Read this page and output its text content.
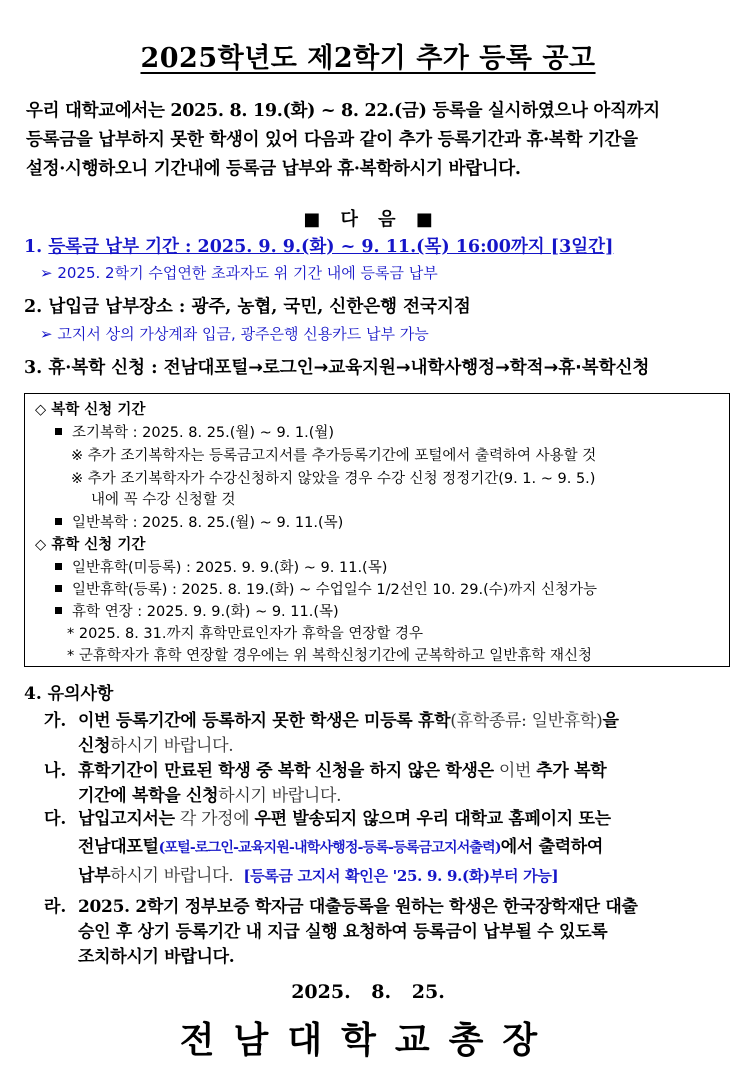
2025학년도 제2학기 추가 등록 공고
우리 대학교에서는 2025. 8. 19.(화) ~ 8. 22.(금) 등록을 실시하였으나 아직까지
등록금을 납부하지 못한 학생이 있어 다음과 같이 추가 등록기간과 휴·복학 기간을
설정·시행하오니 기간내에 등록금 납부와 휴·복학하시기 바랍니다.
■ 다 음 ■
1. 등록금 납부 기간 : 2025. 9. 9.(화) ~ 9. 11.(목) 16:00까지 [3일간]
➢ 2025. 2학기 수업연한 초과자도 위 기간 내에 등록금 납부
2. 납입금 납부장소 : 광주, 농협, 국민, 신한은행 전국지점
➢ 고지서 상의 가상계좌 입금, 광주은행 신용카드 납부 가능
3. 휴·복학 신청 : 전남대포털→로그인→교육지원→내학사행정→학적→휴·복학신청
◇ 복학 신청 기간
조기복학 : 2025. 8. 25.(월) ~ 9. 1.(월)
※ 추가 조기복학자는 등록금고지서를 추가등록기간에 포털에서 출력하여 사용할 것
※ 추가 조기복학자가 수강신청하지 않았을 경우 수강 신청 정정기간(9. 1. ~ 9. 5.)
내에 꼭 수강 신청할 것
일반복학 : 2025. 8. 25.(월) ~ 9. 11.(목)
◇ 휴학 신청 기간
일반휴학(미등록) : 2025. 9. 9.(화) ~ 9. 11.(목)
일반휴학(등록) : 2025. 8. 19.(화) ~ 수업일수 1/2선인 10. 29.(수)까지 신청가능
휴학 연장 : 2025. 9. 9.(화) ~ 9. 11.(목)
* 2025. 8. 31.까지 휴학만료인자가 휴학을 연장할 경우
* 군휴학자가 휴학 연장할 경우에는 위 복학신청기간에 군복학하고 일반휴학 재신청
4. 유의사항
가. 이번 등록기간에 등록하지 못한 학생은 미등록 휴학(휴학종류: 일반휴학)을
신청하시기 바랍니다.
나. 휴학기간이 만료된 학생 중 복학 신청을 하지 않은 학생은 이번 추가 복학
기간에 복학을 신청하시기 바랍니다.
다. 납입고지서는 각 가정에 우편 발송되지 않으며 우리 대학교 홈페이지 또는
전남대포털(포털-로그인-교육지원-내학사행정-등록-등록금고지서출력)에서 출력하여
납부하시기 바랍니다. [등록금 고지서 확인은 '25. 9. 9.(화)부터 가능]
라. 2025. 2학기 정부보증 학자금 대출등록을 원하는 학생은 한국장학재단 대출
승인 후 상기 등록기간 내 지급 실행 요청하여 등록금이 납부될 수 있도록
조치하시기 바랍니다.
2025. 8. 25.
전남대학교총장
